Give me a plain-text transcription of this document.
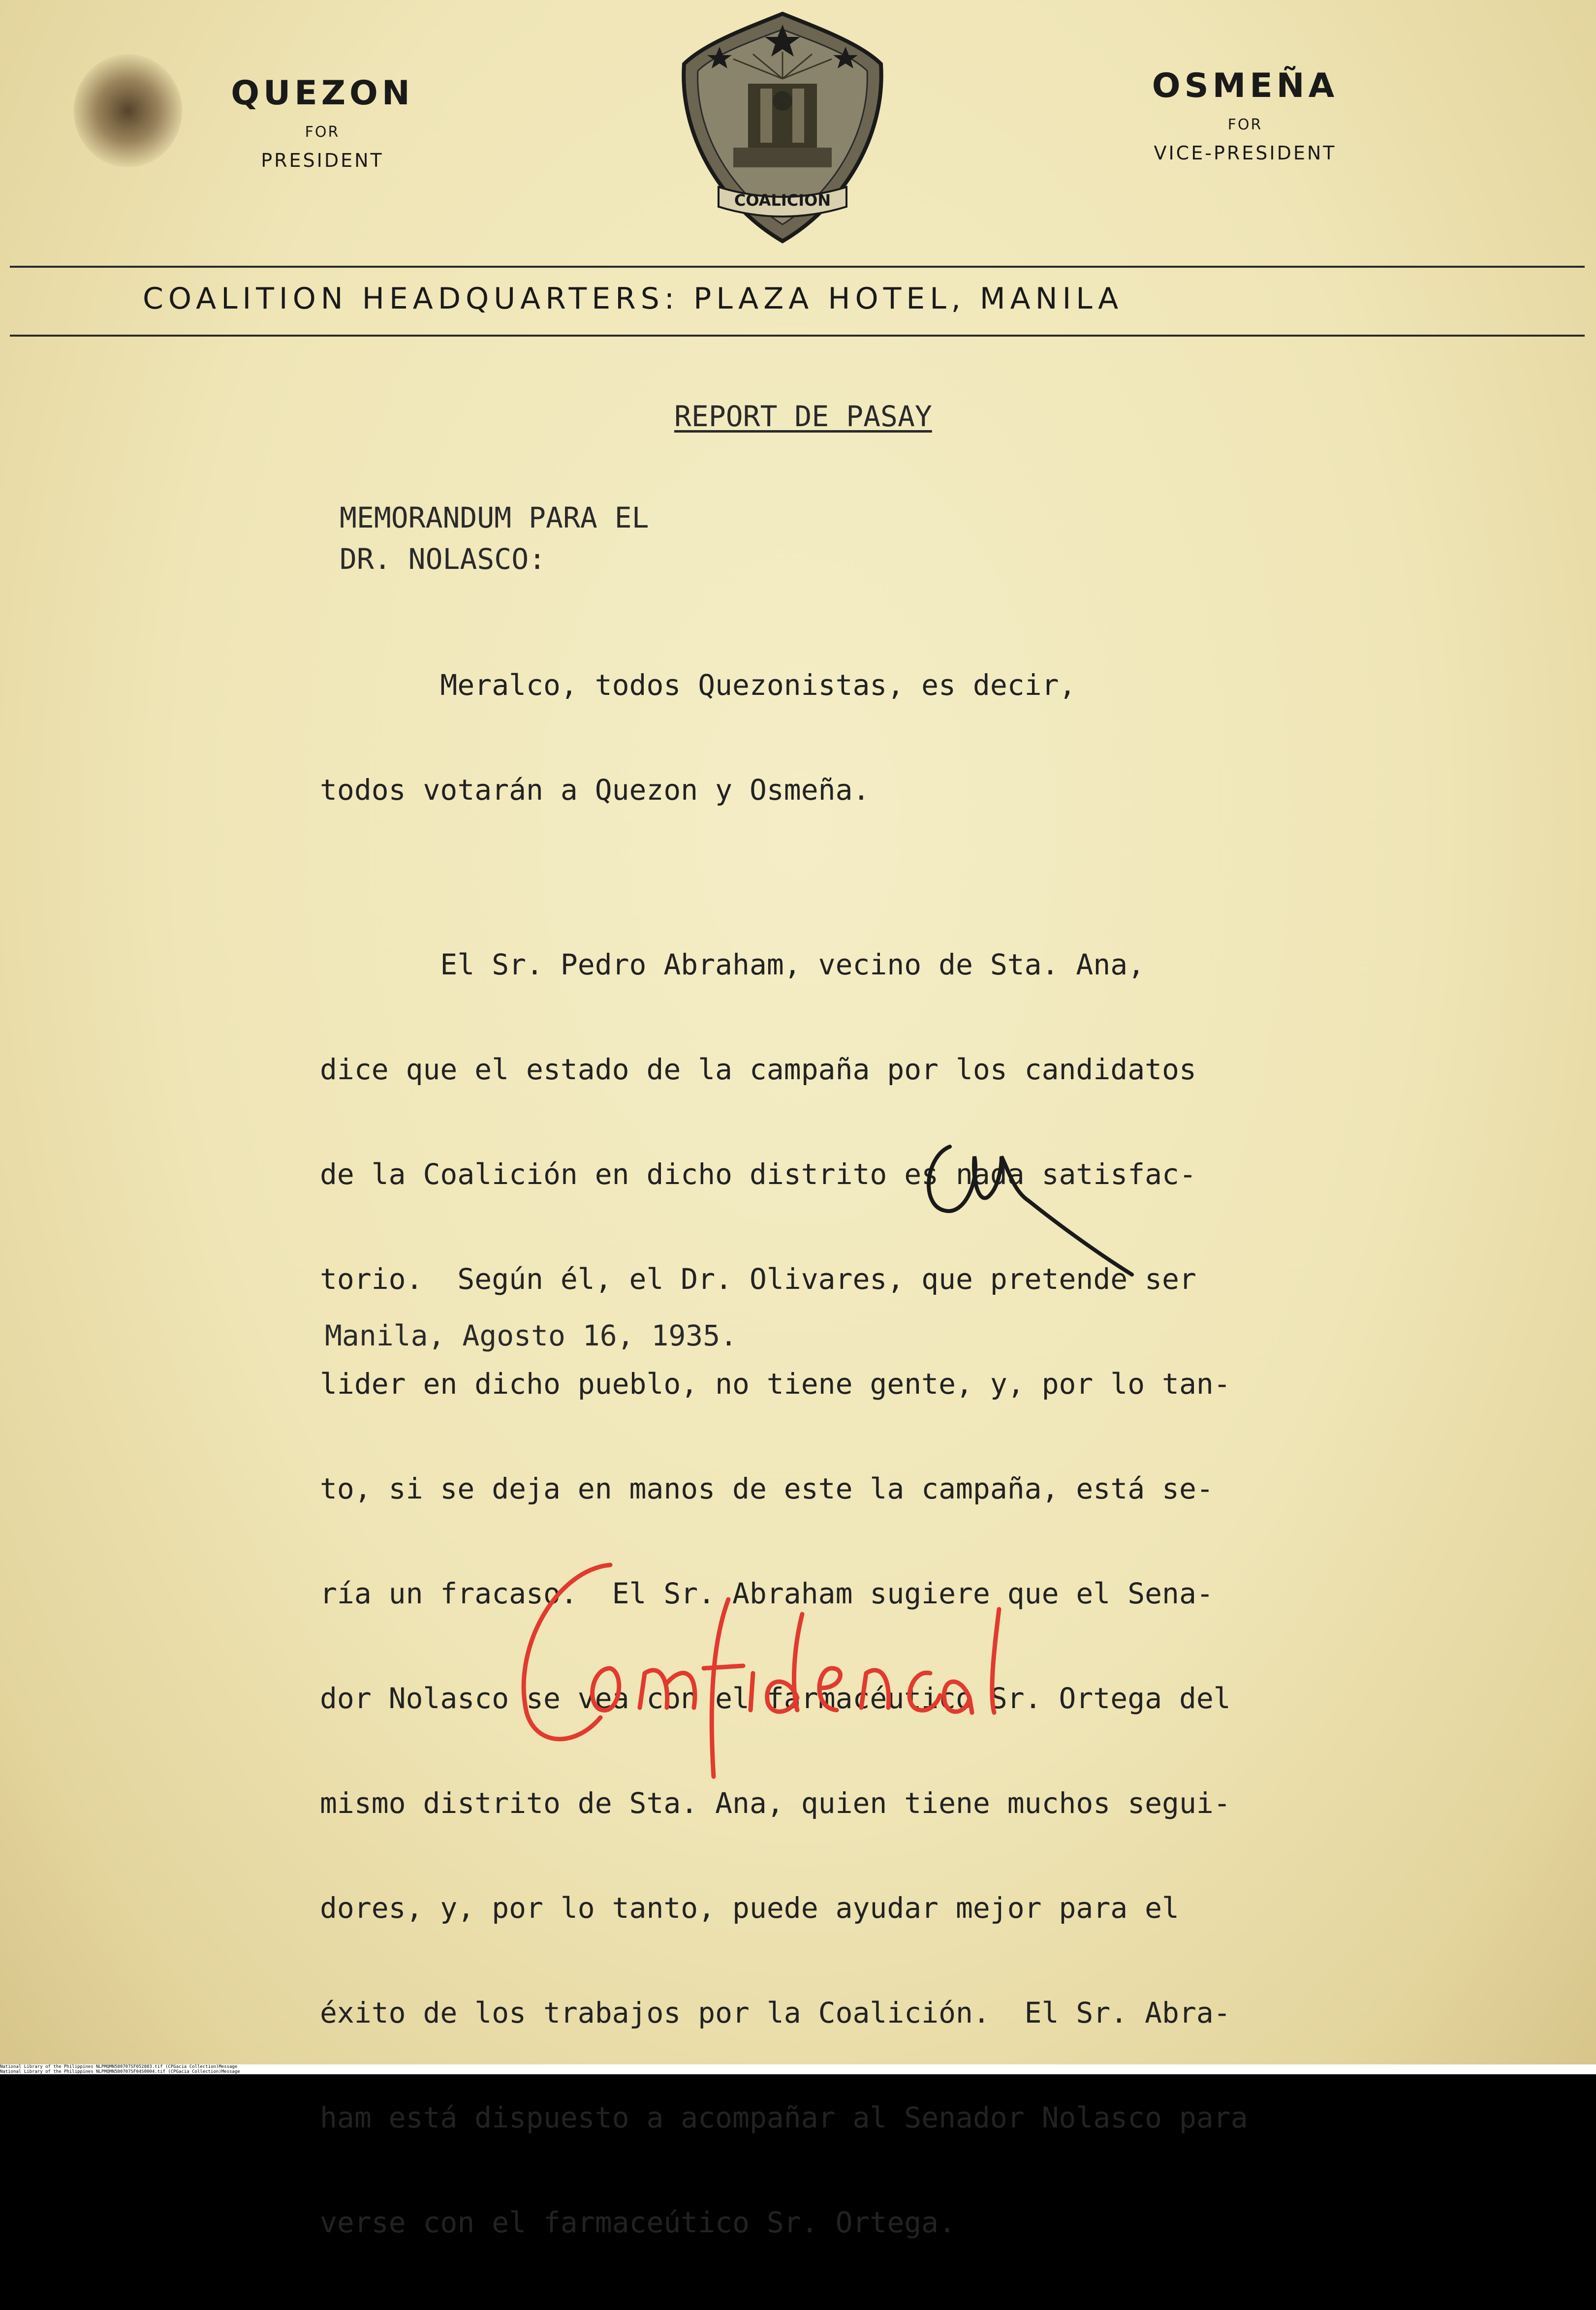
QUEZON
FOR
PRESIDENT
COALICION
OSMEÑA
FOR
VICE-PRESIDENT
COALITION HEADQUARTERS: PLAZA HOTEL, MANILA
REPORT DE PASAY
MEMORANDUM PARA EL
DR. NOLASCO:

Meralco, todos Quezonistas, es decir,

todos votarán a Quezon y Osmeña.

El Sr. Pedro Abraham, vecino de Sta. Ana,

dice que el estado de la campaña por los candidatos

de la Coalición en dicho distrito es nada satisfac-

torio.  Según él, el Dr. Olivares, que pretende ser

lider en dicho pueblo, no tiene gente, y, por lo tan-

to, si se deja en manos de este la campaña, está se-

ría un fracaso.  El Sr. Abraham sugiere que el Sena-

dor Nolasco se vea con el farmacéutico Sr. Ortega del

mismo distrito de Sta. Ana, quien tiene muchos segui-

dores, y, por lo tanto, puede ayudar mejor para el

éxito de los trabajos por la Coalición.  El Sr. Abra-

ham está dispuesto a acompañar al Senador Nolasco para

verse con el farmaceútico Sr. Ortega.

Manila, Agosto 16, 1935.
National Library of the Philippines NLPMQMN580707SF052083.tif (CPGacia Collection)Message
National Library of the Philippines NLPMQMN580707SF04S0004.tif (CPGacia Collection)Message
